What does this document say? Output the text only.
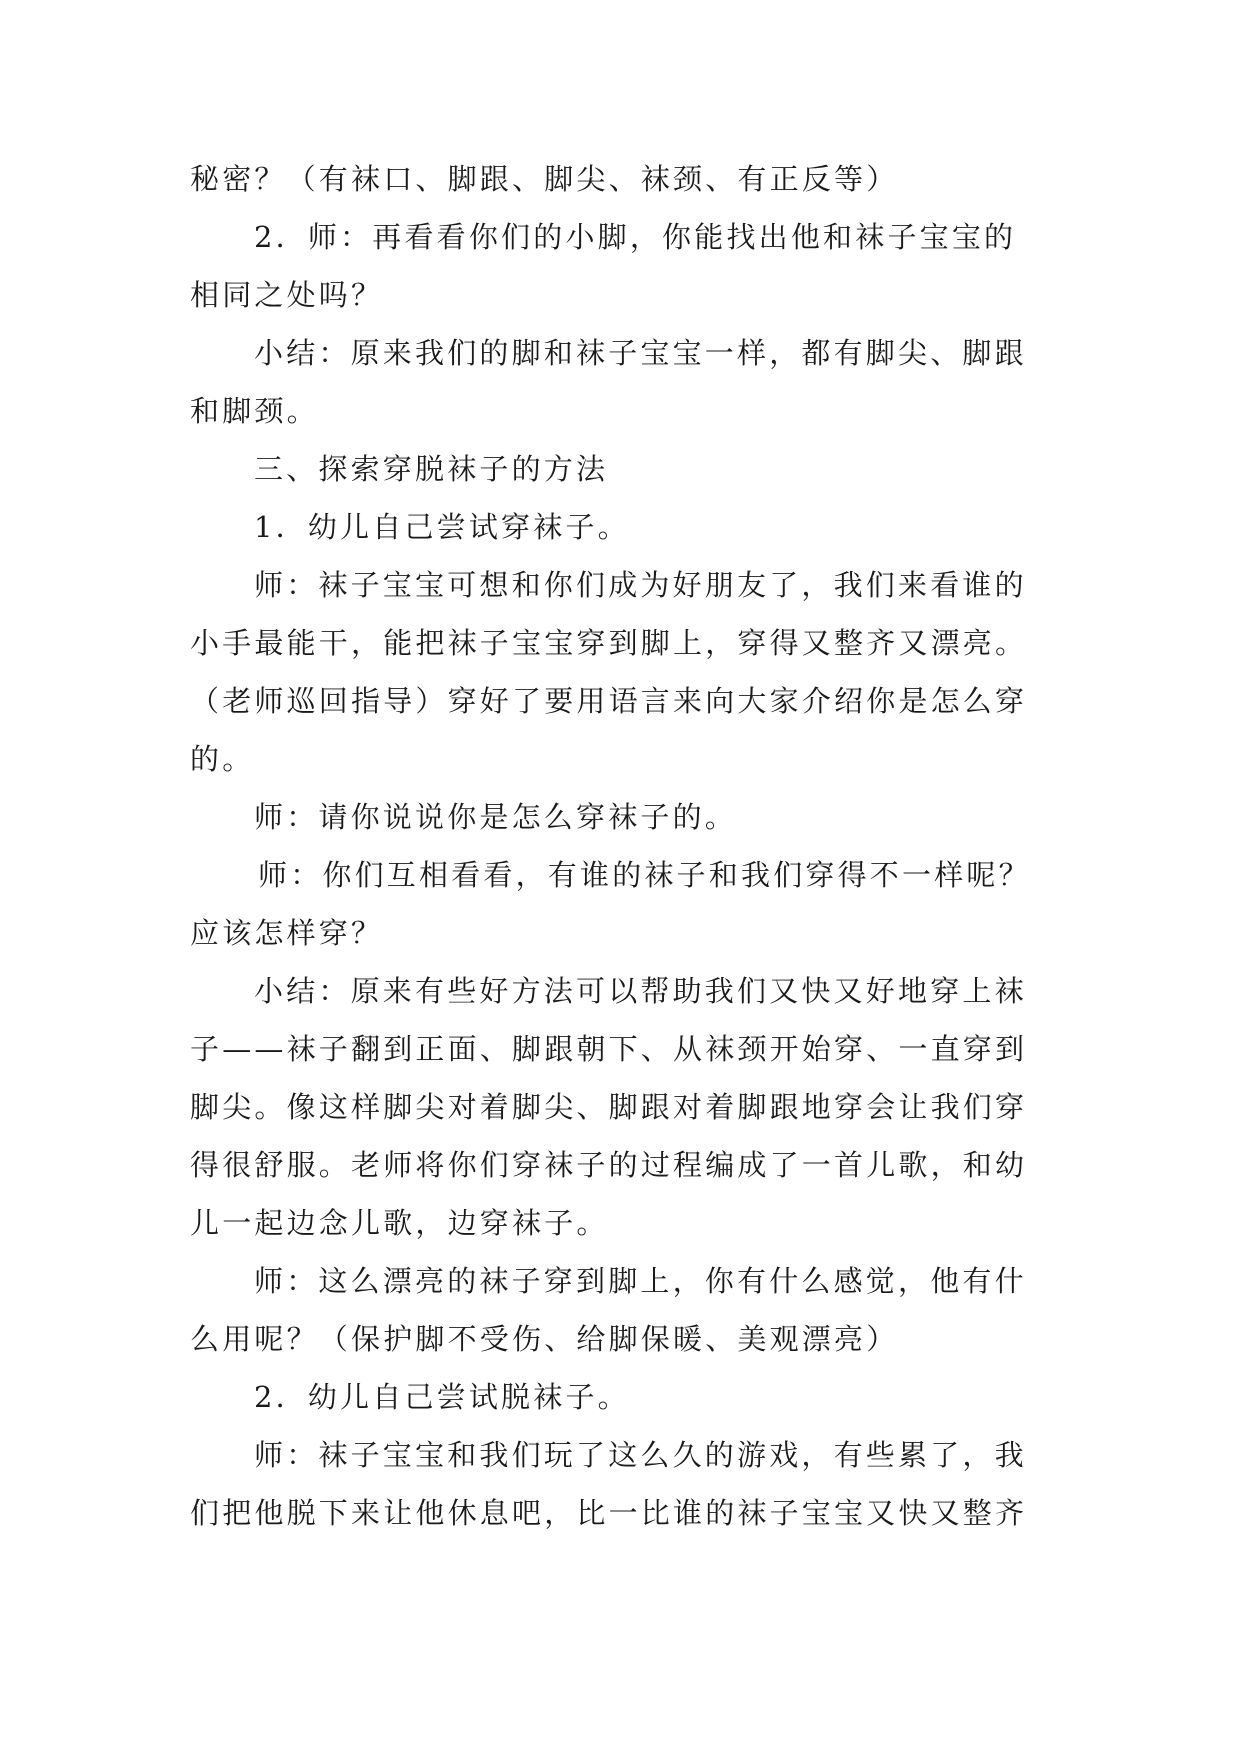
秘密？（有袜口、脚跟、脚尖、袜颈、有正反等）

2．师：再看看你们的小脚，你能找出他和袜子宝宝的

相同之处吗？

小结：原来我们的脚和袜子宝宝一样，都有脚尖、脚跟

和脚颈。

三、探索穿脱袜子的方法

1．幼儿自己尝试穿袜子。

师：袜子宝宝可想和你们成为好朋友了，我们来看谁的

小手最能干，能把袜子宝宝穿到脚上，穿得又整齐又漂亮。

（老师巡回指导）穿好了要用语言来向大家介绍你是怎么穿

的。

师：请你说说你是怎么穿袜子的。

师：你们互相看看，有谁的袜子和我们穿得不一样呢？

应该怎样穿？

小结：原来有些好方法可以帮助我们又快又好地穿上袜

子——袜子翻到正面、脚跟朝下、从袜颈开始穿、一直穿到

脚尖。像这样脚尖对着脚尖、脚跟对着脚跟地穿会让我们穿

得很舒服。老师将你们穿袜子的过程编成了一首儿歌，和幼

儿一起边念儿歌，边穿袜子。

师：这么漂亮的袜子穿到脚上，你有什么感觉，他有什

么用呢？（保护脚不受伤、给脚保暖、美观漂亮）

2．幼儿自己尝试脱袜子。

师：袜子宝宝和我们玩了这么久的游戏，有些累了，我

们把他脱下来让他休息吧，比一比谁的袜子宝宝又快又整齐
